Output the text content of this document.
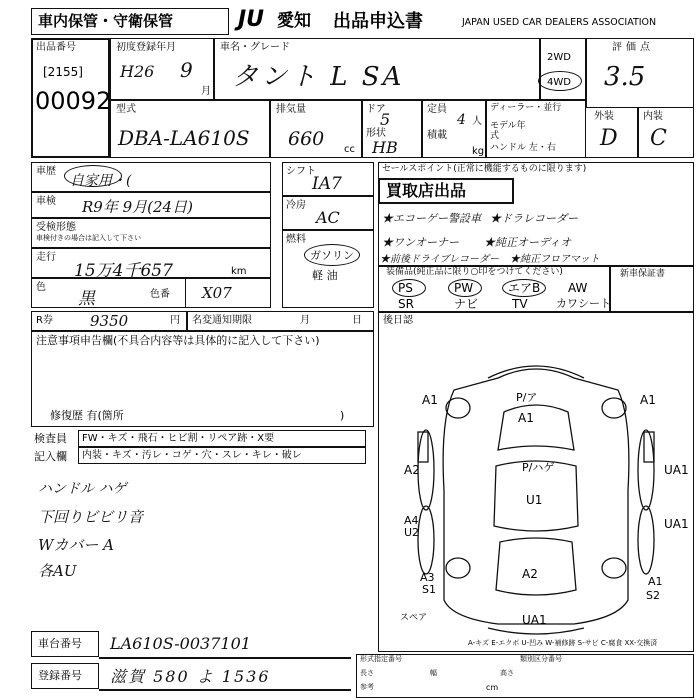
車内保管・守衛保管	JU 愛知 出品申込書	JAPAN USED CAR DEALERS ASSOCIATION
出品番号
[2155]
00092
初度登録年月
H26 9
月
車名・グレード
タント L SA
2WD
4WD
評価点
3.5
外装	内装
D C
型式
DBA-LA610S
排気量
660 cc
ドア
5
形状
HB
定員
4 人
積載
kg
ディーラー・並行
モデル年式
ハンドル 左・右
車歴
自家用・(
車検 R9年 9月(24日)
受検形態
車検付きの場合は記入して下さい
走行
15万4千657	km
色
黒	色番 X07
シフト
IA7
冷房
AC
燃料
ガソリン
軽 油
セールスポイント(正常に機能するものに限ります)
買取店出品
★エコーゲー警設車 ★ドラレコーダー
★ワンオーナー ★純正オーディオ
★前後ドライブレコーダー ★純正フロアマット
装備品(純正品に限り○印をつけてください)	新車保証書
PS	PW	エアB AW
SR	ナビ	TV	カワシート
R券 9350	円 名変通知期限	月	日
注意事項申告欄(不具合内容等は具体的に記入して下さい)
修復歴 有(箇所	)
検査員
記入欄
FW・キズ・飛石・ヒビ割・リペア跡・X要
内装・キズ・汚レ・コゲ・穴・スレ・キレ・破レ
ハンドル ハゲ
下回りビビリ音
Wカバー A
各AU
車台番号 LA610S-0037101
登録番号 滋賀 580 よ 1536
後日認
A1	A1
P/ア
A1
A2	P/ハゲ
U1
UA1
A4
U2
UA1
A2
A3
S1
A1
S2
UA1
スペア
A-キズ E-エクボ U-凹み W-補修跡 S-サビ C-腐食 XX-交換済
形式指定番号	類別区分番号
長さ	幅	高さ
参考	cm
